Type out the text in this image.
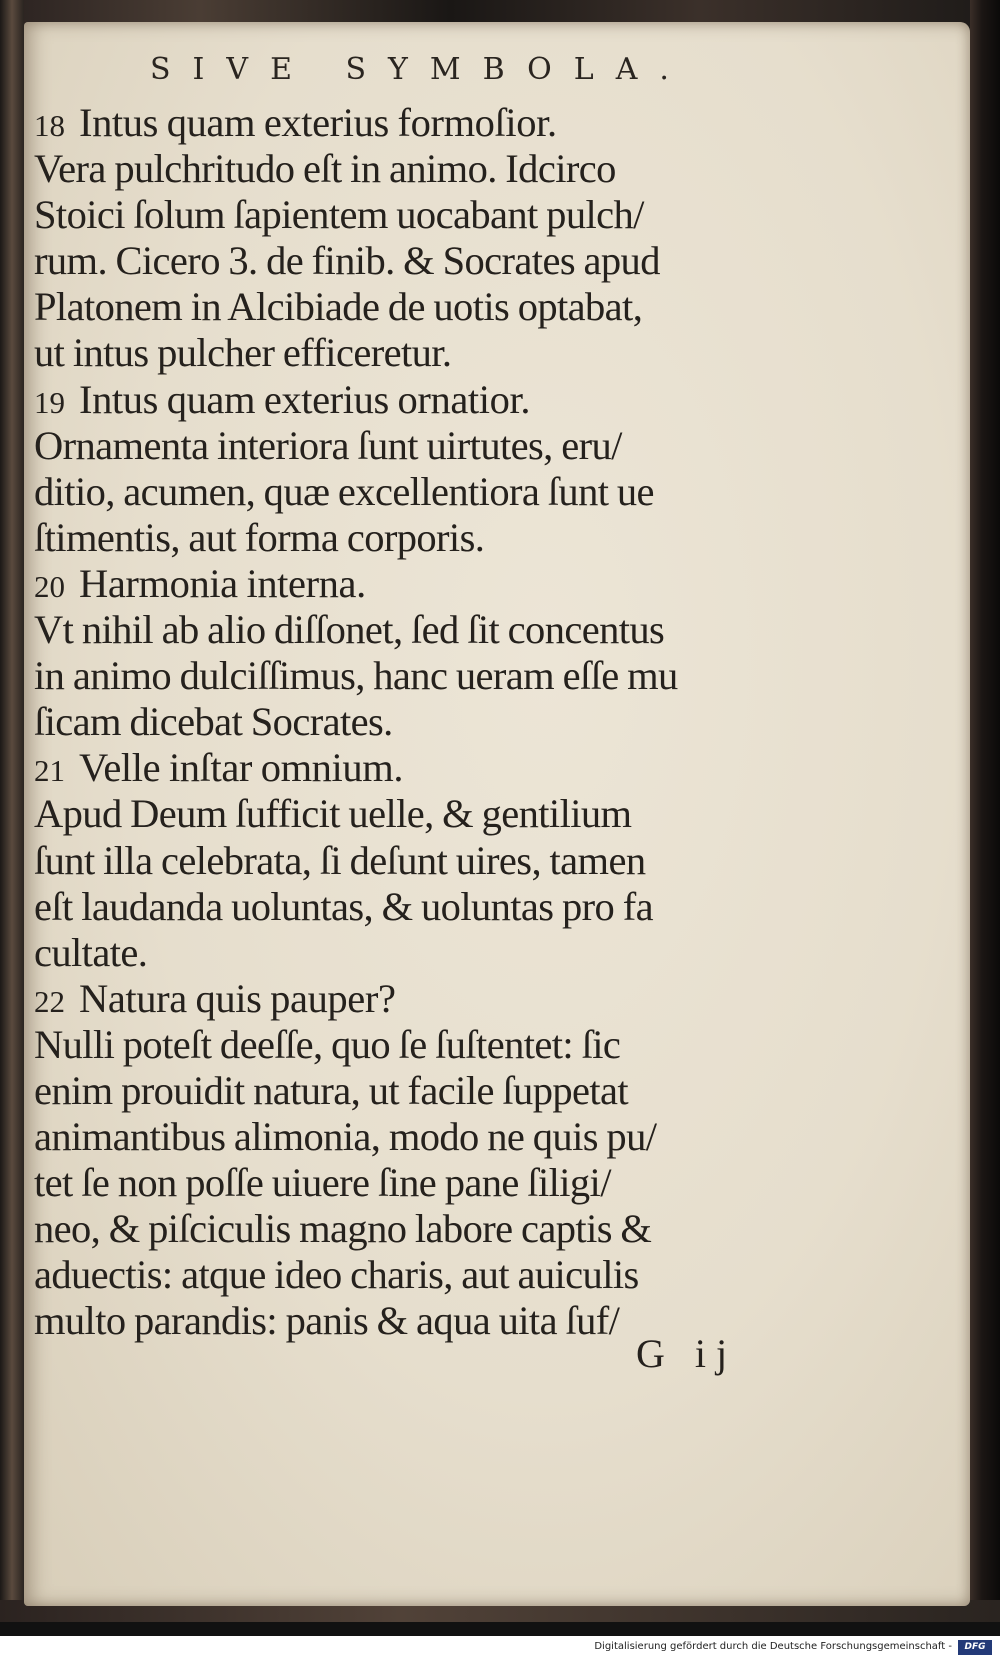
SIVE SYMBOLA.
18 Intus quam exterius formoſior.
Vera pulchritudo eſt in animo. Idcirco
Stoici ſolum ſapientem uocabant pulch/
rum. Cicero 3. de finib. & Socrates apud
Platonem in Alcibiade de uotis optabat,
ut intus pulcher efficeretur.
19 Intus quam exterius ornatior.
Ornamenta interiora ſunt uirtutes, eru/
ditio, acumen, quæ excellentiora ſunt ue
ſtimentis, aut forma corporis.
20 Harmonia interna.
Vt nihil ab alio diſſonet, ſed ſit concentus
in animo dulciſſimus, hanc ueram eſſe mu
ſicam dicebat Socrates.
21 Velle inſtar omnium.
Apud Deum ſufficit uelle, & gentilium
ſunt illa celebrata, ſi deſunt uires, tamen
eſt laudanda uoluntas, & uoluntas pro fa
cultate.
22 Natura quis pauper?
Nulli poteſt deeſſe, quo ſe ſuſtentet: ſic
enim prouidit natura, ut facile ſuppetat
animantibus alimonia, modo ne quis pu/
tet ſe non poſſe uiuere ſine pane ſiligi/
neo, & piſciculis magno labore captis &
aduectis: atque ideo charis, aut auiculis
multo parandis: panis & aqua uita ſuf/
G ij
Digitalisierung gefördert durch die Deutsche Forschungsgemeinschaft -	DFG
